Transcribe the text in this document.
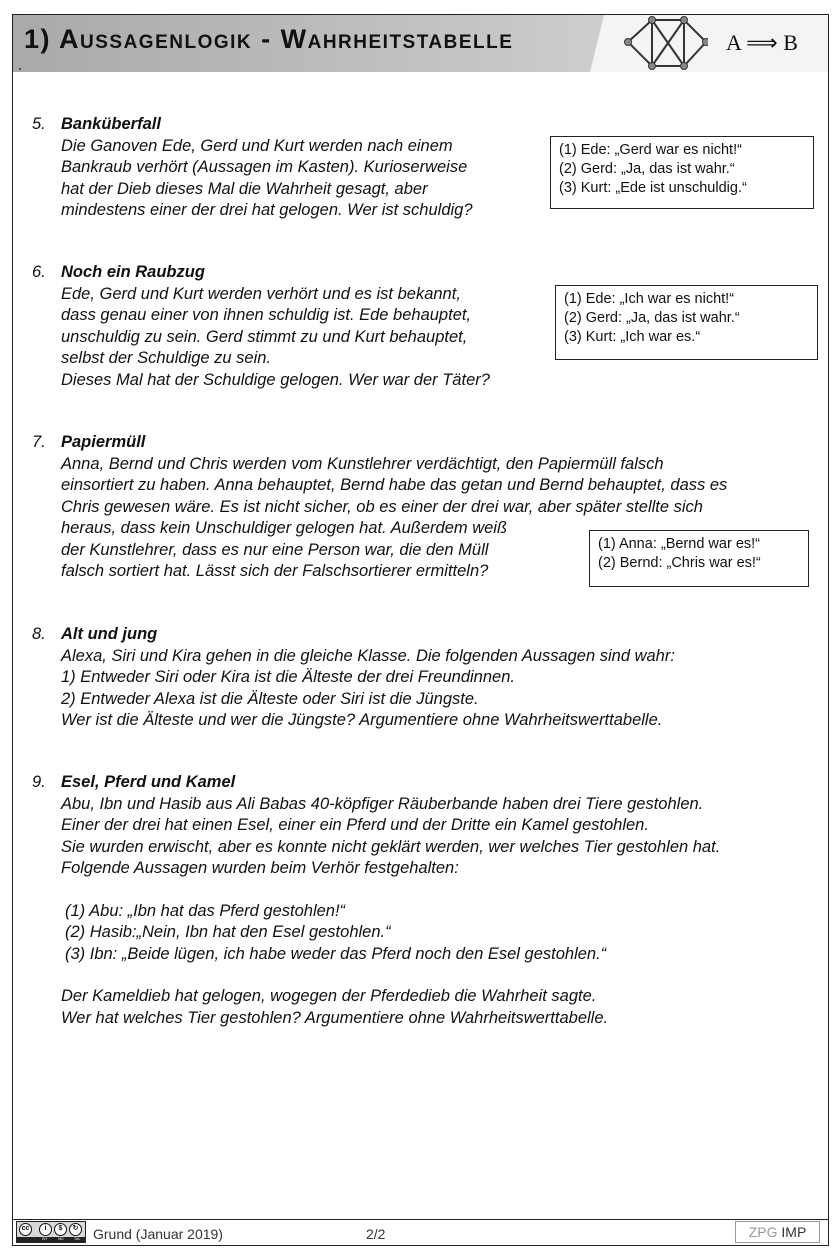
1) Aussagenlogik - Wahrheitstabelle	A ⟹ B
5. Banküberfall
Die Ganoven Ede, Gerd und Kurt werden nach einem
Bankraub verhört (Aussagen im Kasten). Kurioserweise
hat der Dieb dieses Mal die Wahrheit gesagt, aber
mindestens einer der drei hat gelogen. Wer ist schuldig?
(1) Ede: „Gerd war es nicht!“
(2) Gerd: „Ja, das ist wahr.“
(3) Kurt: „Ede ist unschuldig.“
6. Noch ein Raubzug
Ede, Gerd und Kurt werden verhört und es ist bekannt,
dass genau einer von ihnen schuldig ist. Ede behauptet,
unschuldig zu sein. Gerd stimmt zu und Kurt behauptet,
selbst der Schuldige zu sein.
Dieses Mal hat der Schuldige gelogen. Wer war der Täter?
(1) Ede: „Ich war es nicht!“
(2) Gerd: „Ja, das ist wahr.“
(3) Kurt: „Ich war es.“
7. Papiermüll
Anna, Bernd und Chris werden vom Kunstlehrer verdächtigt, den Papiermüll falsch
einsortiert zu haben. Anna behauptet, Bernd habe das getan und Bernd behauptet, dass es
Chris gewesen wäre. Es ist nicht sicher, ob es einer der drei war, aber später stellte sich
heraus, dass kein Unschuldiger gelogen hat. Außerdem weiß
der Kunstlehrer, dass es nur eine Person war, die den Müll
falsch sortiert hat. Lässt sich der Falschsortierer ermitteln?
(1) Anna: „Bernd war es!“
(2) Bernd: „Chris war es!“
8. Alt und jung
Alexa, Siri und Kira gehen in die gleiche Klasse. Die folgenden Aussagen sind wahr:
1) Entweder Siri oder Kira ist die Älteste der drei Freundinnen.
2) Entweder Alexa ist die Älteste oder Siri ist die Jüngste.
Wer ist die Älteste und wer die Jüngste? Argumentiere ohne Wahrheitswerttabelle.
9. Esel, Pferd und Kamel
Abu, Ibn und Hasib aus Ali Babas 40-köpfiger Räuberbande haben drei Tiere gestohlen.
Einer der drei hat einen Esel, einer ein Pferd und der Dritte ein Kamel gestohlen.
Sie wurden erwischt, aber es konnte nicht geklärt werden, wer welches Tier gestohlen hat.
Folgende Aussagen wurden beim Verhör festgehalten:
(1) Abu: „Ibn hat das Pferd gestohlen!“
(2) Hasib:„Nein, Ibn hat den Esel gestohlen.“
(3) Ibn: „Beide lügen, ich habe weder das Pferd noch den Esel gestohlen.“
Der Kameldieb hat gelogen, wogegen der Pferdedieb die Wahrheit sagte.
Wer hat welches Tier gestohlen? Argumentiere ohne Wahrheitswerttabelle.
cc	i	$	↻
BY	NC	SA Grund (Januar 2019)	2/2	ZPG IMP
